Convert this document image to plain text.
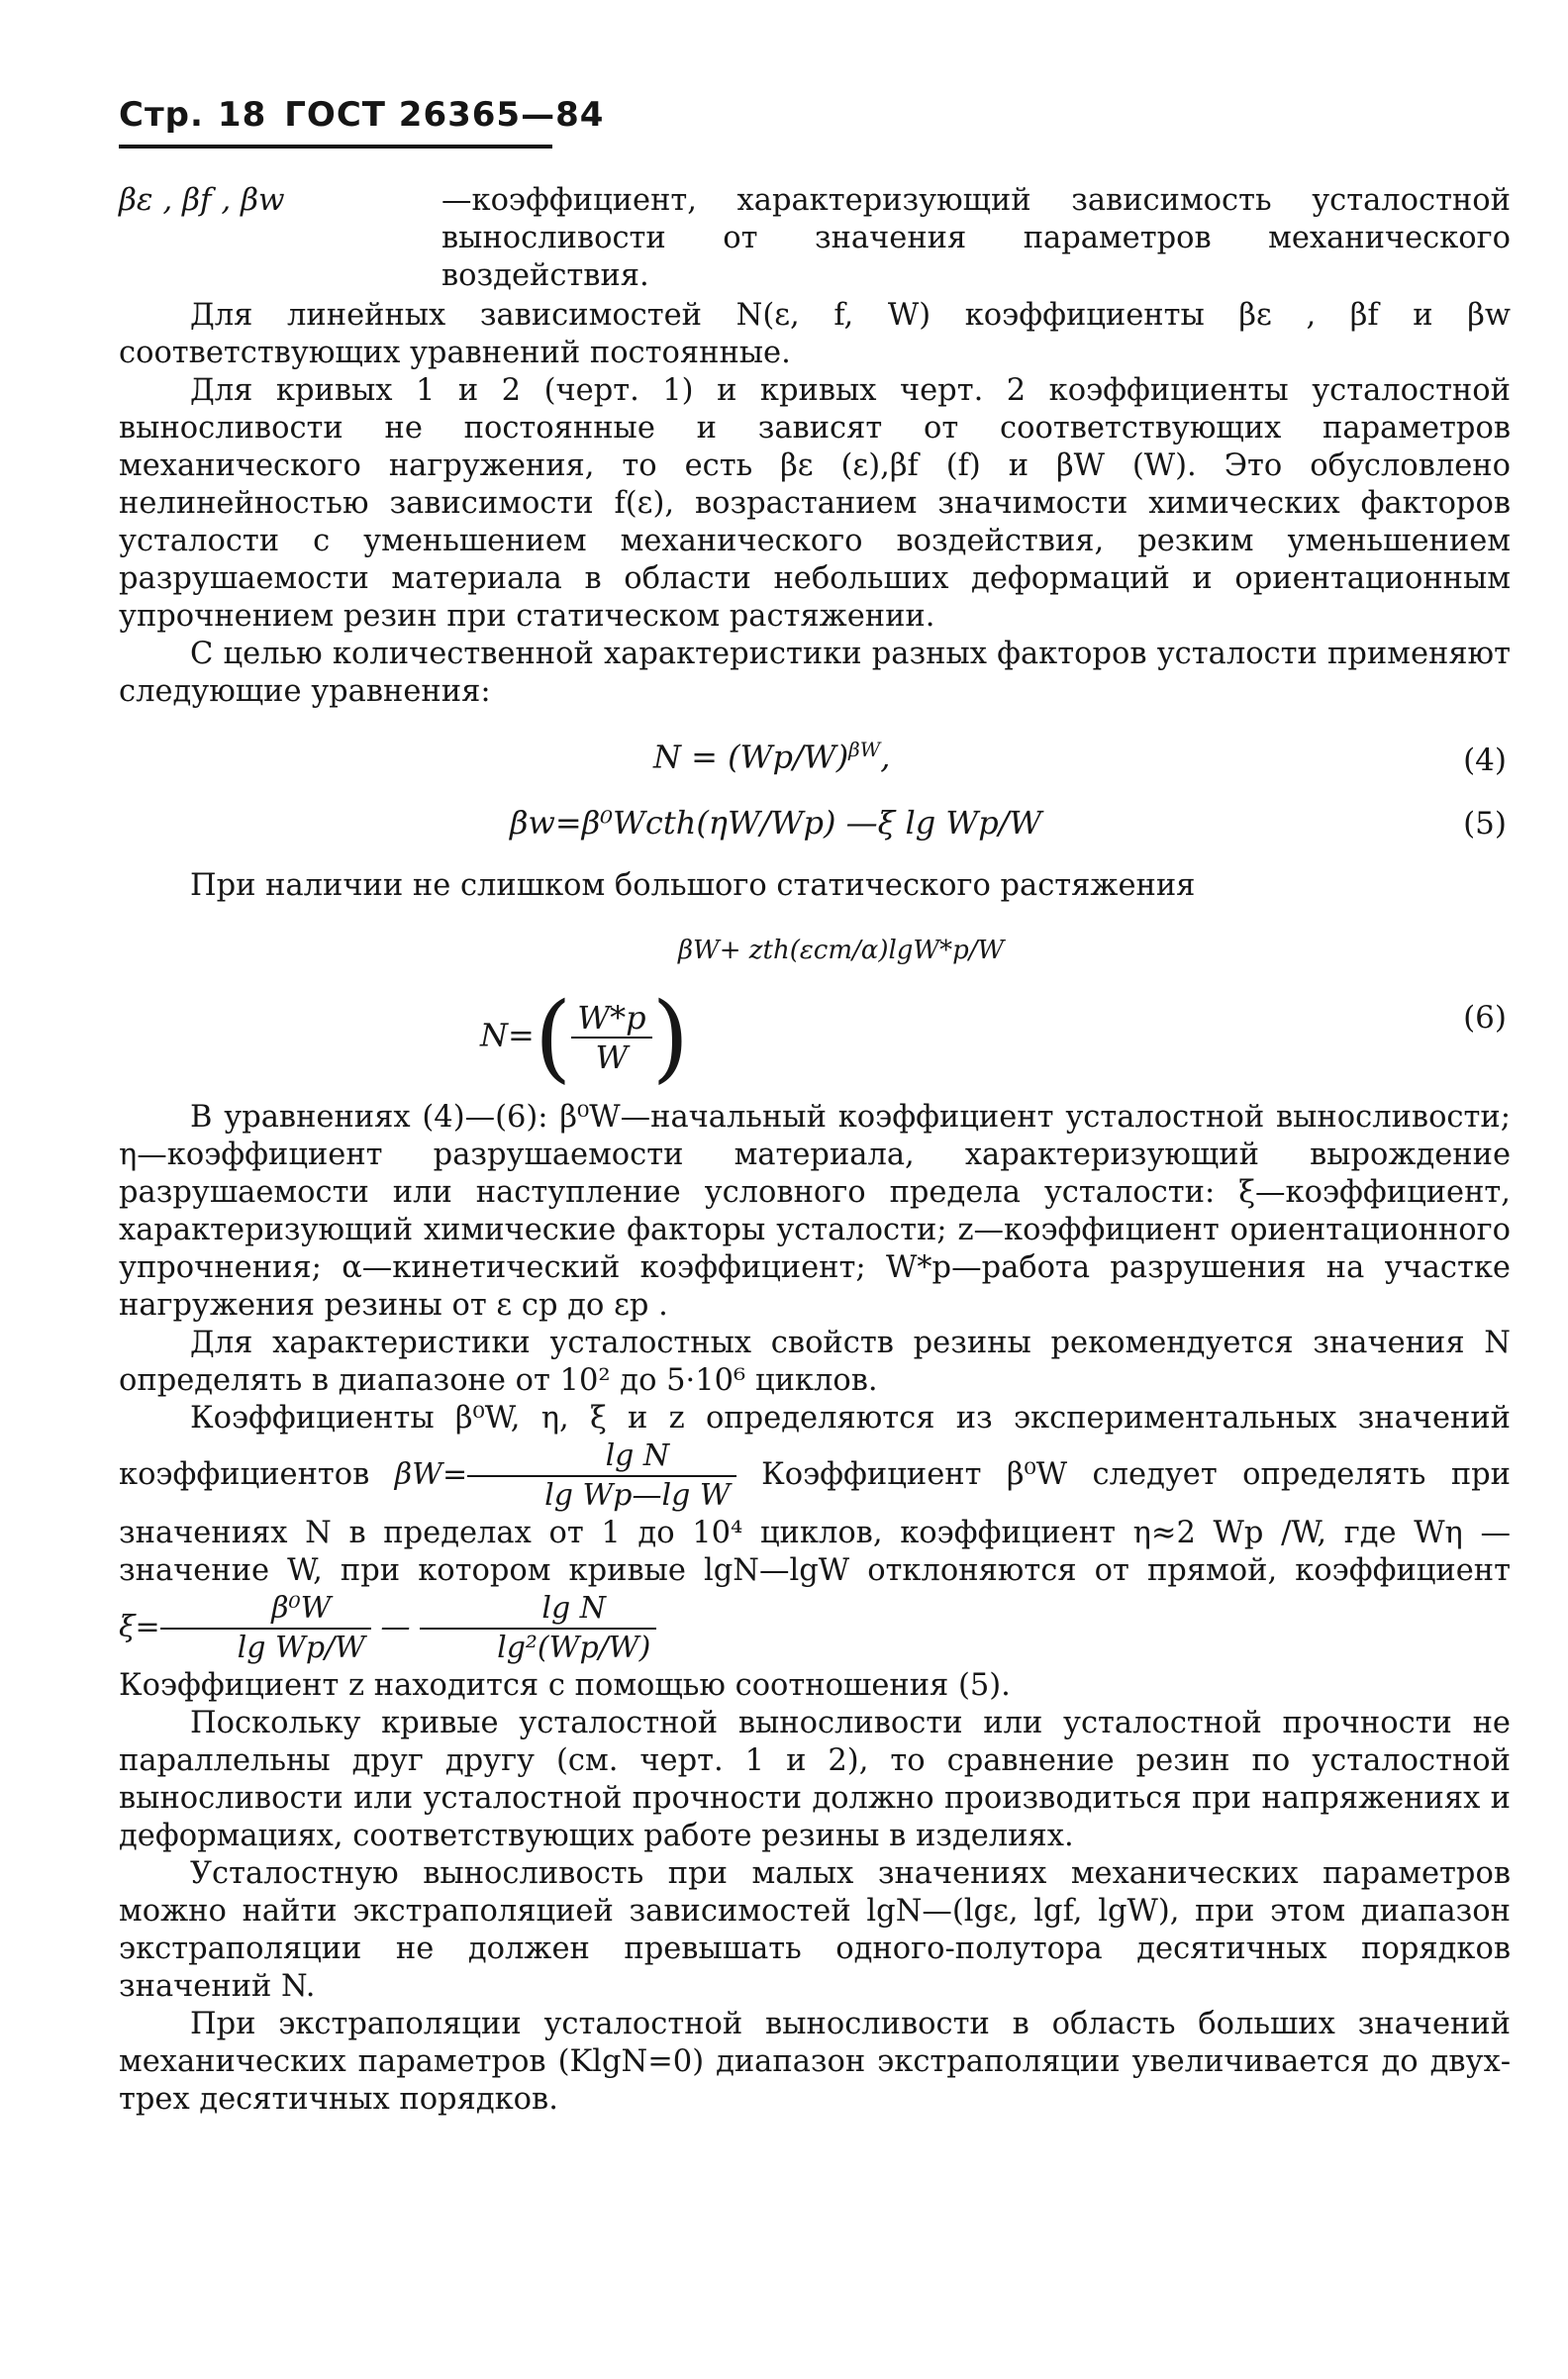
Стр. 18 ГОСТ 26365—84
βε , βf , βw	—коэффициент, характеризующий зависимость усталостной выносливости от значения параметров механического воздействия.

Для линейных зависимостей N(ε, f, W) коэффициенты βε , βf и βw соответствующих уравнений постоянные.

Для кривых 1 и 2 (черт. 1) и кривых черт. 2 коэффициенты усталостной выносливости не постоянные и зависят от соответствующих параметров механического нагружения, то есть βε (ε),βf (f) и βW (W). Это обусловлено нелинейностью зависимости f(ε), возрастанием значимости химических факторов усталости с уменьшением механического воздействия, резким уменьшением разрушаемости материала в области небольших деформаций и ориентационным упрочнением резин при статическом растяжении.

С целью количественной характеристики разных факторов усталости применяют следующие уравнения:

$N = (Wp/W)^{\beta W}$,	(4)
βw=β⁰Wcth(ηW/Wp) —ξ lg Wp/W	(5)

При наличии не слишком большого статического растяжения

βW+ zth(εст/α)lgW*p/W
$N=( \frac{W*p}{W}$ )	(6)

В уравнениях (4)—(6): β⁰W—начальный коэффициент усталостной выносливости; η—коэффициент разрушаемости материала, характеризующий вырождение разрушаемости или наступление условного предела усталости: ξ—коэффициент, характеризующий химические факторы усталости; z—коэффициент ориентационного упрочнения; α—кинетический коэффициент; W*p—работа разрушения на участке нагружения резины от ε ср до εp .

Для характеристики усталостных свойств резины рекомендуется значения N определять в диапазоне от 10² до 5·10⁶ циклов.

Коэффициенты β⁰W, η, ξ и z определяются из экспериментальных значений коэффициентов $\beta W= \frac{\text{lg N}}{\text{lg Wp—lg W}}$ Коэффициент β⁰W следует определять при значениях N в пределах от 1 до 10⁴ циклов, коэффициент η≈2 Wp /W, где Wη —значение W, при котором кривые lgN—lgW отклоняются от прямой, коэффициент $\xi= \frac{\text{β⁰W}}{\text{lg Wp/W}}$ — $\frac{\text{lg N}}{\text{lg²(Wp/W)}}$

Коэффициент z находится с помощью соотношения (5).

Поскольку кривые усталостной выносливости или усталостной прочности не параллельны друг другу (см. черт. 1 и 2), то сравнение резин по усталостной выносливости или усталостной прочности должно производиться при напряжениях и деформациях, соответствующих работе резины в изделиях.

Усталостную выносливость при малых значениях механических параметров можно найти экстраполяцией зависимостей lgN—(lgε, lgf, lgW), при этом диапазон экстраполяции не должен превышать одного-полутора десятичных порядков значений N.

При экстраполяции усталостной выносливости в область больших значений механических параметров (KlgN=0) диапазон экстраполяции увеличивается до двух-трех десятичных порядков.
